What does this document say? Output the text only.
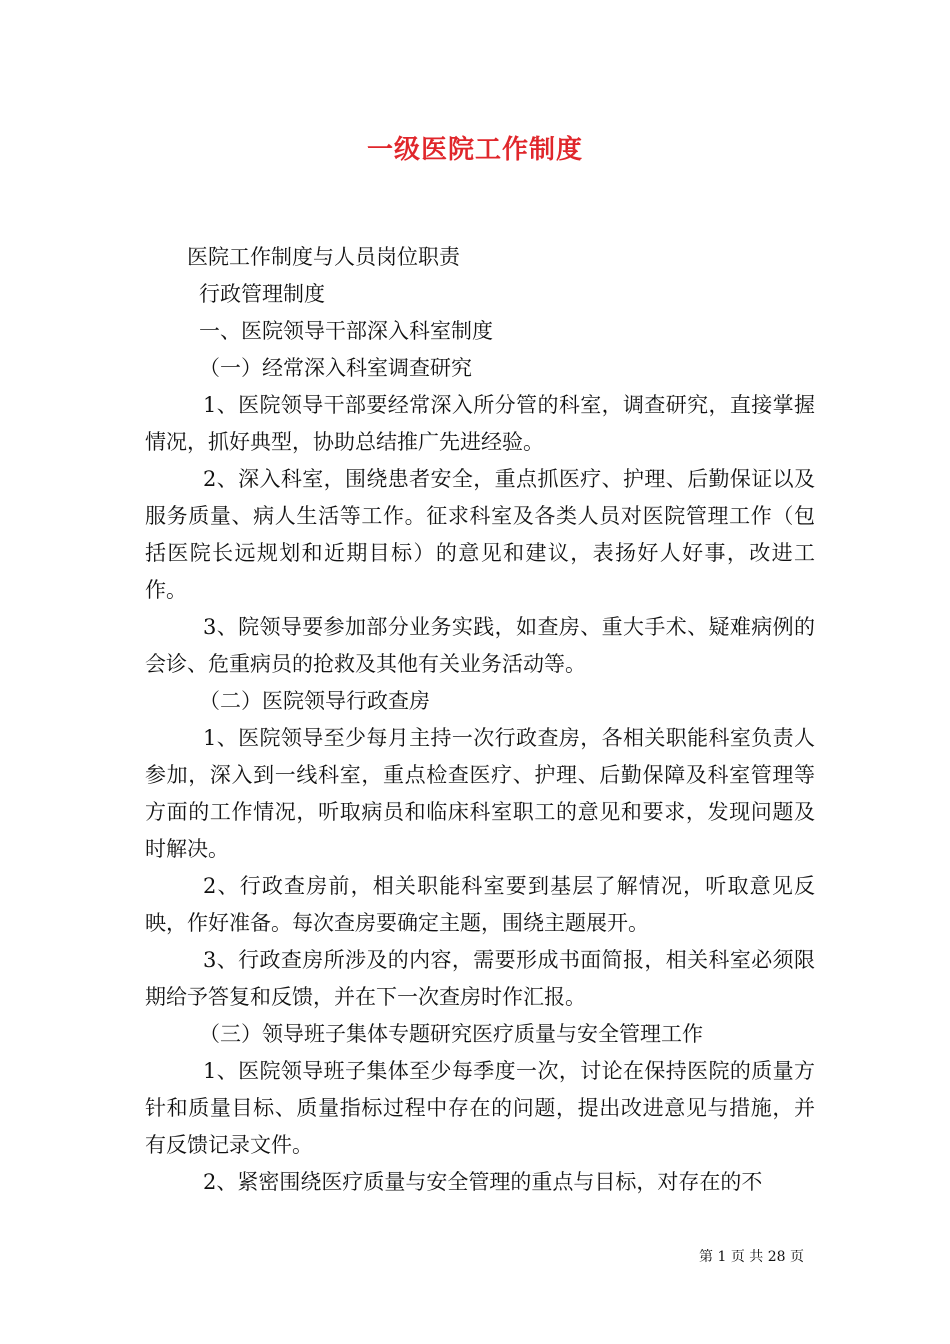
一级医院工作制度

医院工作制度与人员岗位职责

行政管理制度

一、医院领导干部深入科室制度

（一）经常深入科室调查研究

1、医院领导干部要经常深入所分管的科室，调查研究，直接掌握情况，抓好典型，协助总结推广先进经验。

2、深入科室，围绕患者安全，重点抓医疗、护理、后勤保证以及服务质量、病人生活等工作。征求科室及各类人员对医院管理工作（包括医院长远规划和近期目标）的意见和建议，表扬好人好事，改进工作。

3、院领导要参加部分业务实践，如查房、重大手术、疑难病例的会诊、危重病员的抢救及其他有关业务活动等。

（二）医院领导行政查房

1、医院领导至少每月主持一次行政查房，各相关职能科室负责人参加，深入到一线科室，重点检查医疗、护理、后勤保障及科室管理等方面的工作情况，听取病员和临床科室职工的意见和要求，发现问题及时解决。

2、行政查房前，相关职能科室要到基层了解情况，听取意见反映，作好准备。每次查房要确定主题，围绕主题展开。

3、行政查房所涉及的内容，需要形成书面简报，相关科室必须限期给予答复和反馈，并在下一次查房时作汇报。

（三）领导班子集体专题研究医疗质量与安全管理工作

1、医院领导班子集体至少每季度一次，讨论在保持医院的质量方针和质量目标、质量指标过程中存在的问题，提出改进意见与措施，并有反馈记录文件。

2、紧密围绕医疗质量与安全管理的重点与目标，对存在的不

第 1 页 共 28 页
